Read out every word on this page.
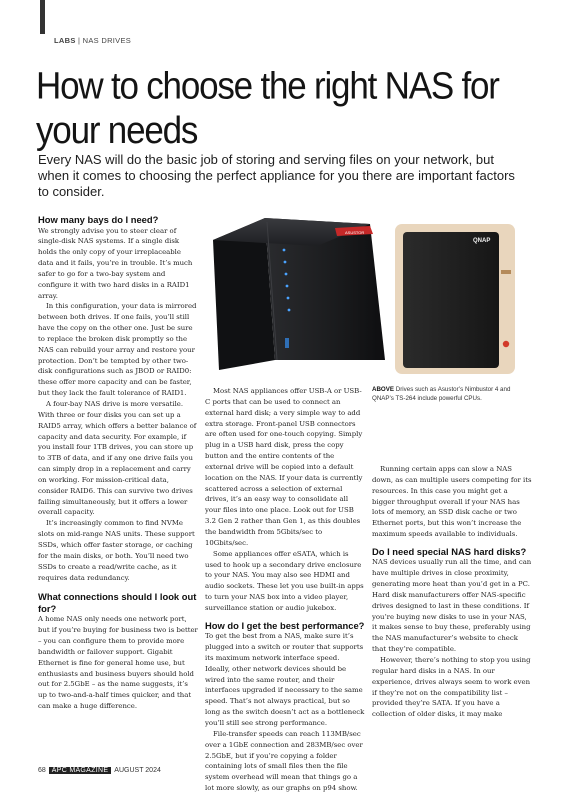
LABS | NAS DRIVES
How to choose the right NAS for your needs

Every NAS will do the basic job of storing and serving files on your network, but when it comes to choosing the perfect appliance for you there are important factors to consider.

ASUSTOR
QNAP
How many bays do I need?

We strongly advise you to steer clear of single-disk NAS systems. If a single disk holds the only copy of your irreplaceable data and it fails, you’re in trouble. It’s much safer to go for a two-bay system and configure it with two hard disks in a RAID1 array.

In this configuration, your data is mirrored between both drives. If one fails, you’ll still have the copy on the other one. Just be sure to replace the broken disk promptly so the NAS can rebuild your array and restore your protection. Don’t be tempted by other two-disk configurations such as JBOD or RAID0: these offer more capacity and can be faster, but they lack the fault tolerance of RAID1.

A four-bay NAS drive is more versatile. With three or four disks you can set up a RAID5 array, which offers a better balance of capacity and data security. For example, if you install four 1TB drives, you can store up to 3TB of data, and if any one drive fails you can simply drop in a replacement and carry on working. For mission-critical data, consider RAID6. This can survive two drives failing simultaneously, but it offers a lower overall capacity.

It’s increasingly common to find NVMe slots on mid-range NAS units. These support SSDs, which offer faster storage, or caching for the main disks, or both. You’ll need two SSDs to create a read/write cache, as it requires data redundancy.

What connections should I look out for?

A home NAS only needs one network port, but if you’re buying for business two is better – you can configure them to provide more bandwidth or failover support. Gigabit Ethernet is fine for general home use, but enthusiasts and business buyers should hold out for 2.5GbE – as the name suggests, it’s up to two-and-a-half times quicker, and that can make a huge difference.

Most NAS appliances offer USB-A or USB-C ports that can be used to connect an external hard disk; a very simple way to add extra storage. Front-panel USB connectors are often used for one-touch copying. Simply plug in a USB hard disk, press the copy button and the entire contents of the external drive will be copied into a default location on the NAS. If your data is currently scattered across a selection of external drives, it’s an easy way to consolidate all your files into one place. Look out for USB 3.2 Gen 2 rather than Gen 1, as this doubles the bandwidth from 5Gbits/sec to 10Gbits/sec.

Some appliances offer eSATA, which is used to hook up a secondary drive enclosure to your NAS. You may also see HDMI and audio sockets. These let you use built-in apps to turn your NAS box into a video player, surveillance station or audio jukebox.

How do I get the best performance?

To get the best from a NAS, make sure it’s plugged into a switch or router that supports its maximum network interface speed. Ideally, other network devices should be wired into the same router, and their interfaces upgraded if necessary to the same speed. That’s not always practical, but so long as the switch doesn’t act as a bottleneck you’ll still see strong performance.

File-transfer speeds can reach 113MB/sec over a 1GbE connection and 283MB/sec over 2.5GbE, but if you’re copying a folder containing lots of small files then the file system overhead will mean that things go a lot more slowly, as our graphs on p94 show.

ABOVE Drives such as Asustor’s Nimbustor 4 and QNAP’s TS-264 include powerful CPUs.

Running certain apps can slow a NAS down, as can multiple users competing for its resources. In this case you might get a bigger throughput overall if your NAS has lots of memory, an SSD disk cache or two Ethernet ports, but this won’t increase the maximum speeds available to individuals.

Do I need special NAS hard disks?

NAS devices usually run all the time, and can have multiple drives in close proximity, generating more heat than you’d get in a PC. Hard disk manufacturers offer NAS-specific drives designed to last in these conditions. If you’re buying new disks to use in your NAS, it makes sense to buy these, preferably using the NAS manufacturer’s website to check that they’re compatible.

However, there’s nothing to stop you using regular hard disks in a NAS. In our experience, drives always seem to work even if they’re not on the compatibility list – provided they’re SATA. If you have a collection of older disks, it may make

68 APC MAGAZINE AUGUST 2024
